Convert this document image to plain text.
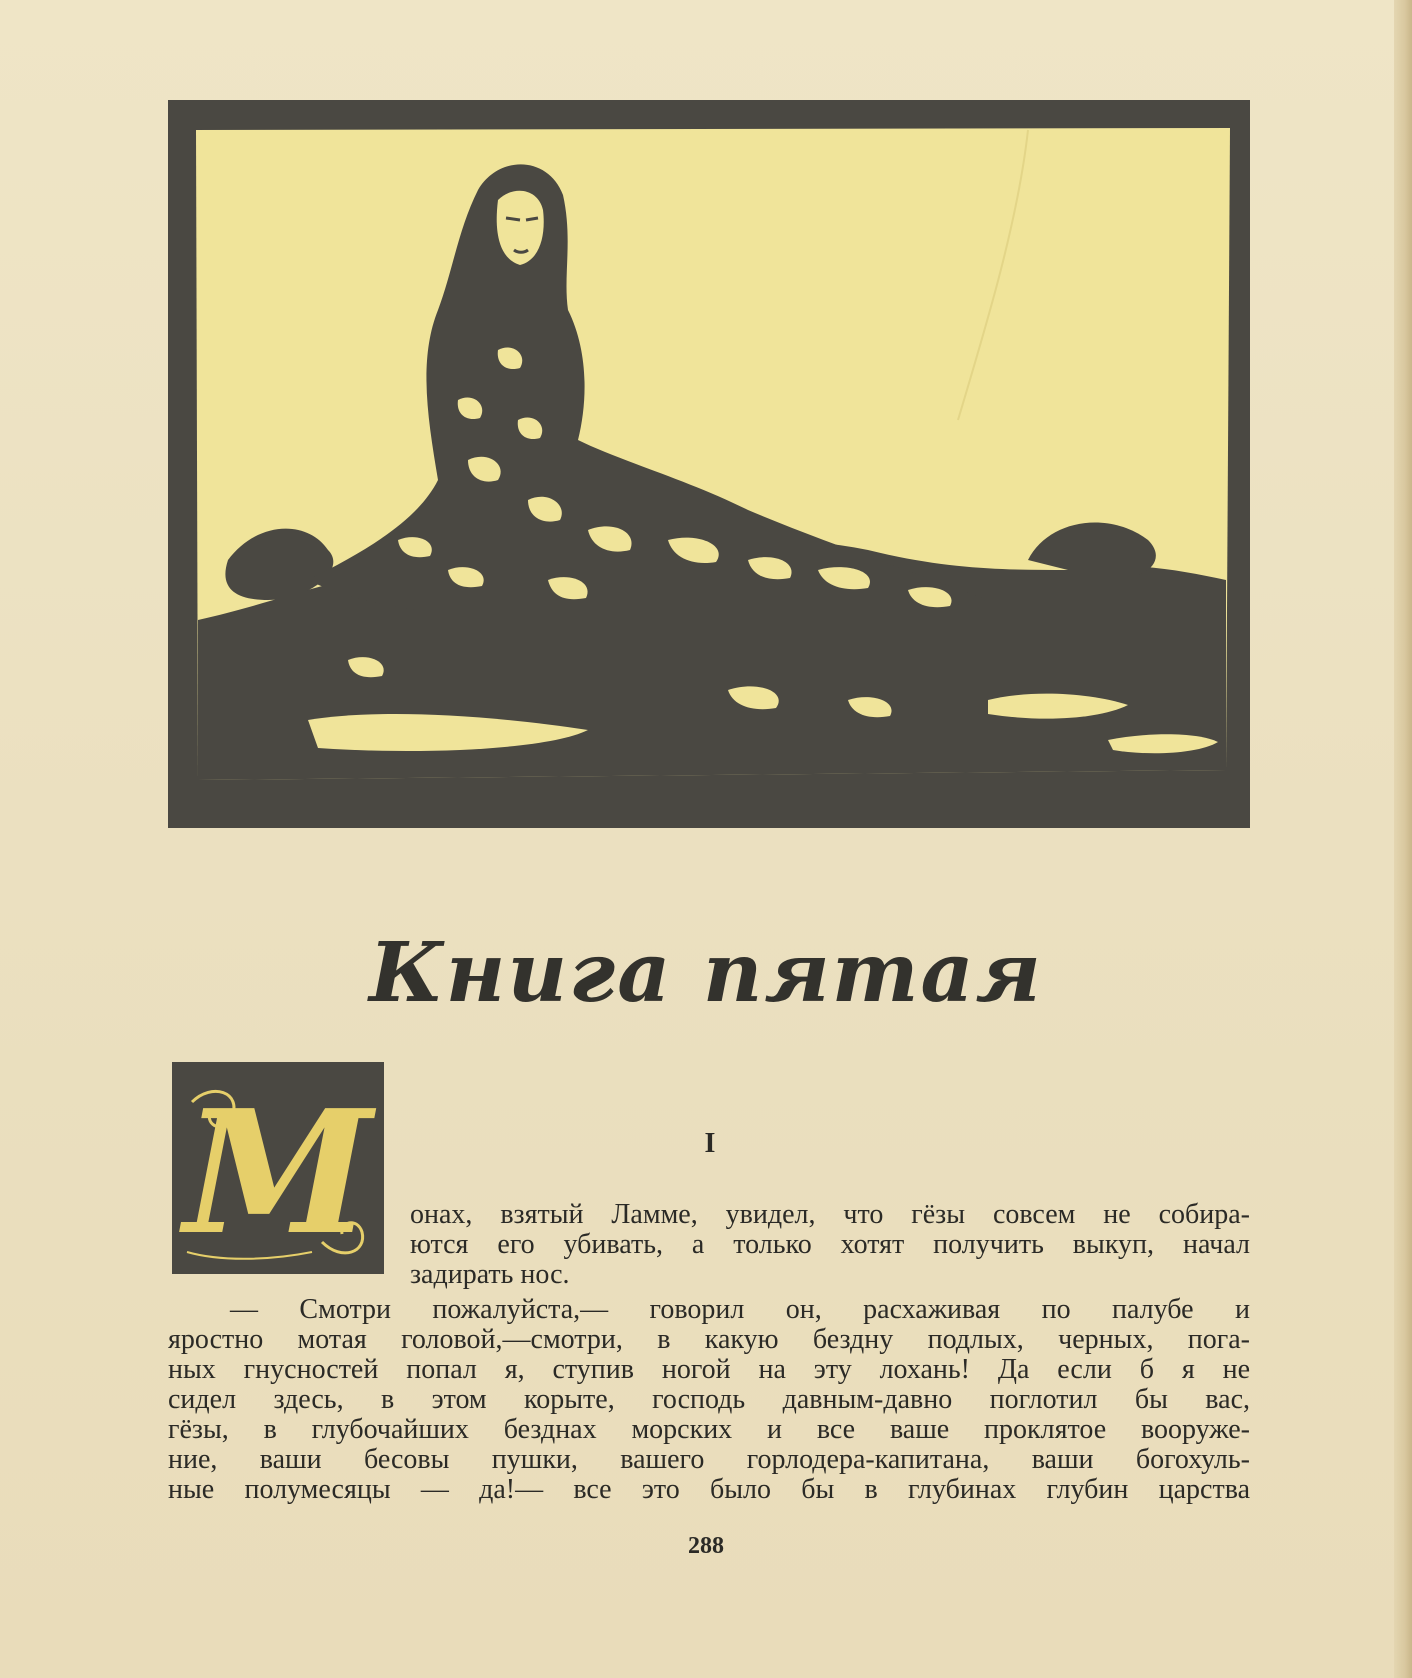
Книга пятая
М	I
онах, взятый Ламме, увидел, что гёзы совсем не собира-
ются его убивать, а только хотят получить выкуп, начал
задирать нос.
— Смотри пожалуйста,— говорил он, расхаживая по палубе и
яростно мотая головой,—смотри, в какую бездну подлых, черных, пога-
ных гнусностей попал я, ступив ногой на эту лохань! Да если б я не
сидел здесь, в этом корыте, господь давным-давно поглотил бы вас,
гёзы, в глубочайших безднах морских и все ваше проклятое вооруже-
ние, ваши бесовы пушки, вашего горлодера-капитана, ваши богохуль-
ные полумесяцы — да!— все это было бы в глубинах глубин царства
288
